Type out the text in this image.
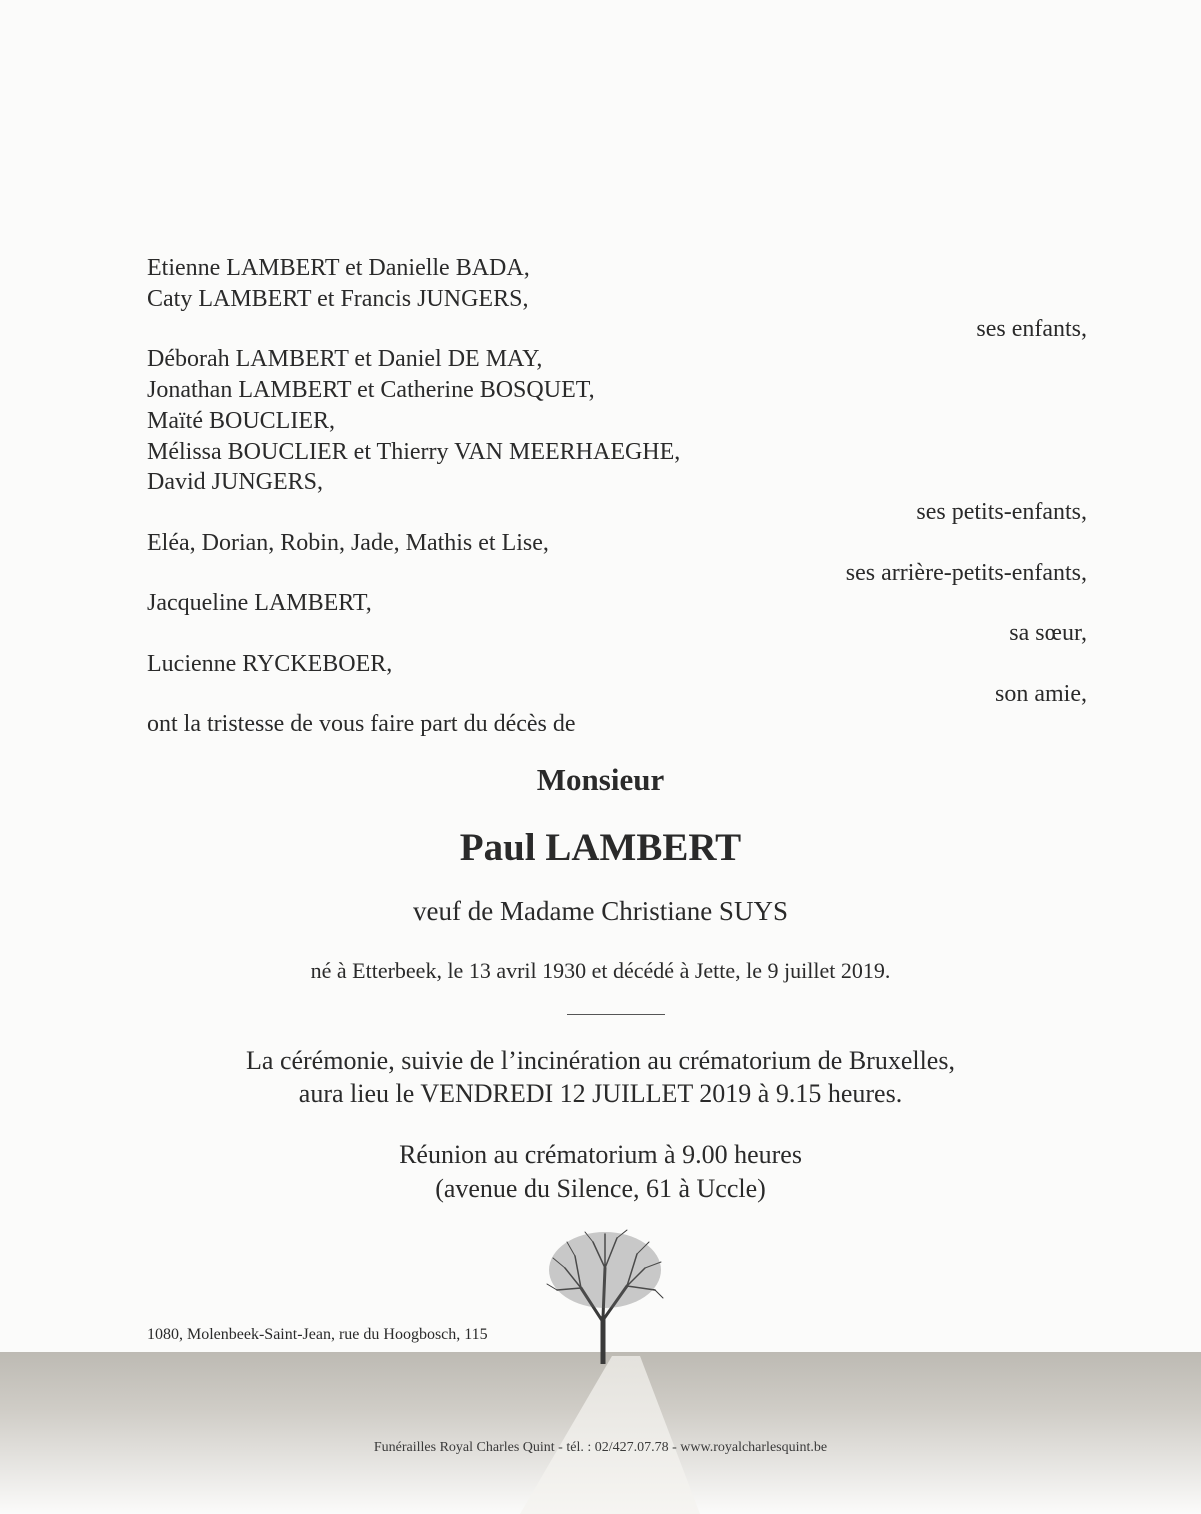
Etienne LAMBERT et Danielle BADA,
Caty LAMBERT et Francis JUNGERS,
ses enfants,
Déborah LAMBERT et Daniel DE MAY,
Jonathan LAMBERT et Catherine BOSQUET,
Maïté BOUCLIER,
Mélissa BOUCLIER et Thierry VAN MEERHAEGHE,
David JUNGERS,
ses petits-enfants,
Eléa, Dorian, Robin, Jade, Mathis et Lise,
ses arrière-petits-enfants,
Jacqueline LAMBERT,
sa sœur,
Lucienne RYCKEBOER,
son amie,
ont la tristesse de vous faire part du décès de
Monsieur
Paul LAMBERT
veuf de Madame Christiane SUYS
né à Etterbeek, le 13 avril 1930 et décédé à Jette, le 9 juillet 2019.
La cérémonie, suivie de l’incinération au crématorium de Bruxelles,
aura lieu le VENDREDI 12 JUILLET 2019 à 9.15 heures.
Réunion au crématorium à 9.00 heures
(avenue du Silence, 61 à Uccle)
1080, Molenbeek-Saint-Jean, rue du Hoogbosch, 115
Funérailles Royal Charles Quint - tél. : 02/427.07.78 - www.royalcharlesquint.be
